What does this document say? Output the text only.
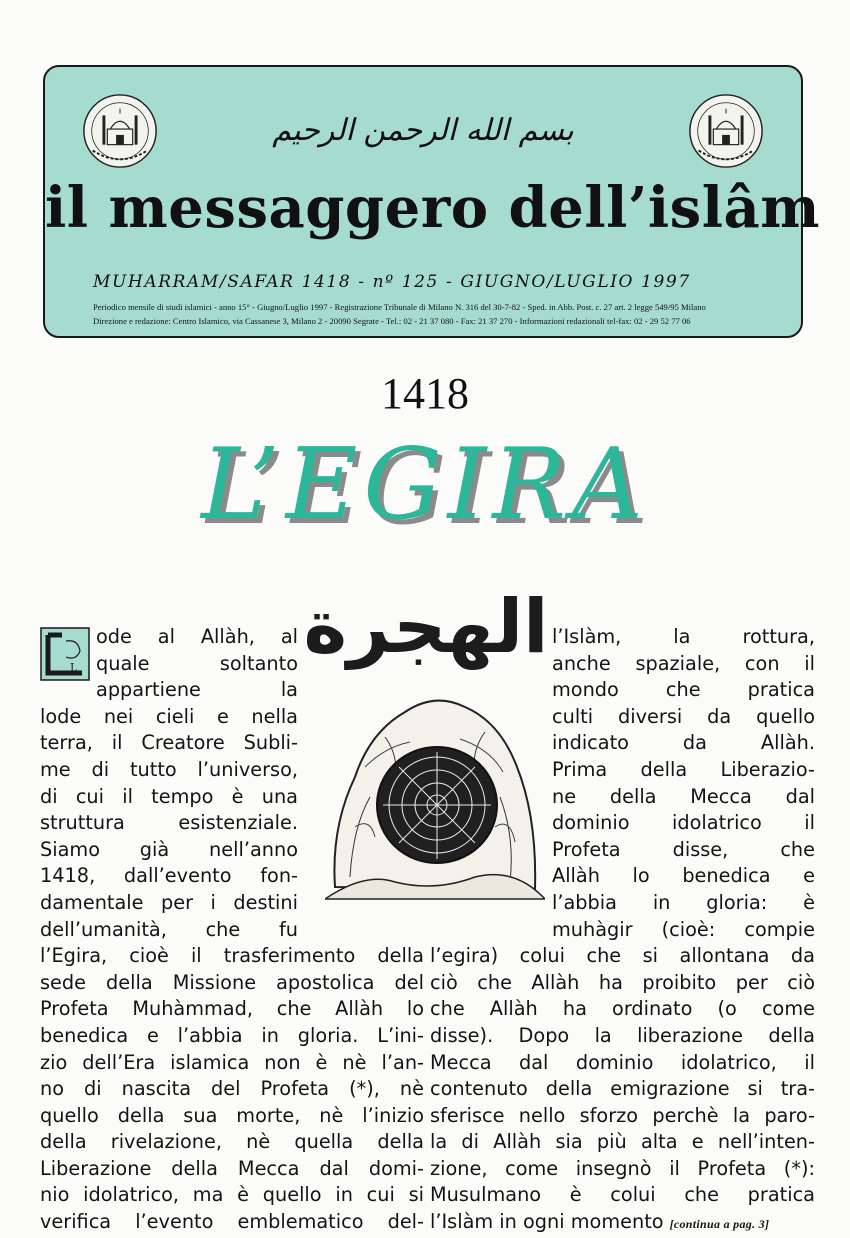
بسم الله الرحمن الرحيم
il messaggero dell’islâm
MUHARRAM/SAFAR 1418 - nº 125 - GIUGNO/LUGLIO 1997
Periodico mensile di studi islamici - anno 15° - Giugno/Luglio 1997 - Registrazione Tribunale di Milano N. 316 del 30-7-82 - Sped. in Abb. Post. c. 27 art. 2 legge 549/95 Milano
Direzione e redazione: Centro Islamico, via Cassanese 3, Milano 2 - 20090 Segrate - Tel.: 02 - 21 37 080 - Fax: 21 37 270 - Informazioni redazionali tel-fax: 02 - 29 52 77 06
1418
L’EGIRA
الهجرة
L
ode al Allàh, al
quale soltanto
appartiene la
lode nei cieli e nella
terra, il Creatore Subli-
me di tutto l’universo,
di cui il tempo è una
struttura esistenziale.
Siamo già nell’anno
1418, dall’evento fon-
damentale per i destini
dell’umanità, che fu
l’Egira, cioè il trasferimento della
sede della Missione apostolica del
Profeta Muhàmmad, che Allàh lo
benedica e l’abbia in gloria. L’ini-
zio dell’Era islamica non è nè l’an-
no di nascita del Profeta (*), nè
quello della sua morte, nè l’inizio
della rivelazione, nè quella della
Liberazione della Mecca dal domi-
nio idolatrico, ma è quello in cui si
verifica l’evento emblematico del-
l’Islàm, la rottura,
anche spaziale, con il
mondo che pratica
culti diversi da quello
indicato da Allàh.
Prima della Liberazio-
ne della Mecca dal
dominio idolatrico il
Profeta disse, che
Allàh lo benedica e
l’abbia in gloria: è
muhàgir (cioè: compie
l’egira) colui che si allontana da
ciò che Allàh ha proibito per ciò
che Allàh ha ordinato (o come
disse). Dopo la liberazione della
Mecca dal dominio idolatrico, il
contenuto della emigrazione si tra-
sferisce nello sforzo perchè la paro-
la di Allàh sia più alta e nell’inten-
zione, come insegnò il Profeta (*):
Musulmano è colui che pratica
l’Islàm in ogni momento [continua a pag. 3]
